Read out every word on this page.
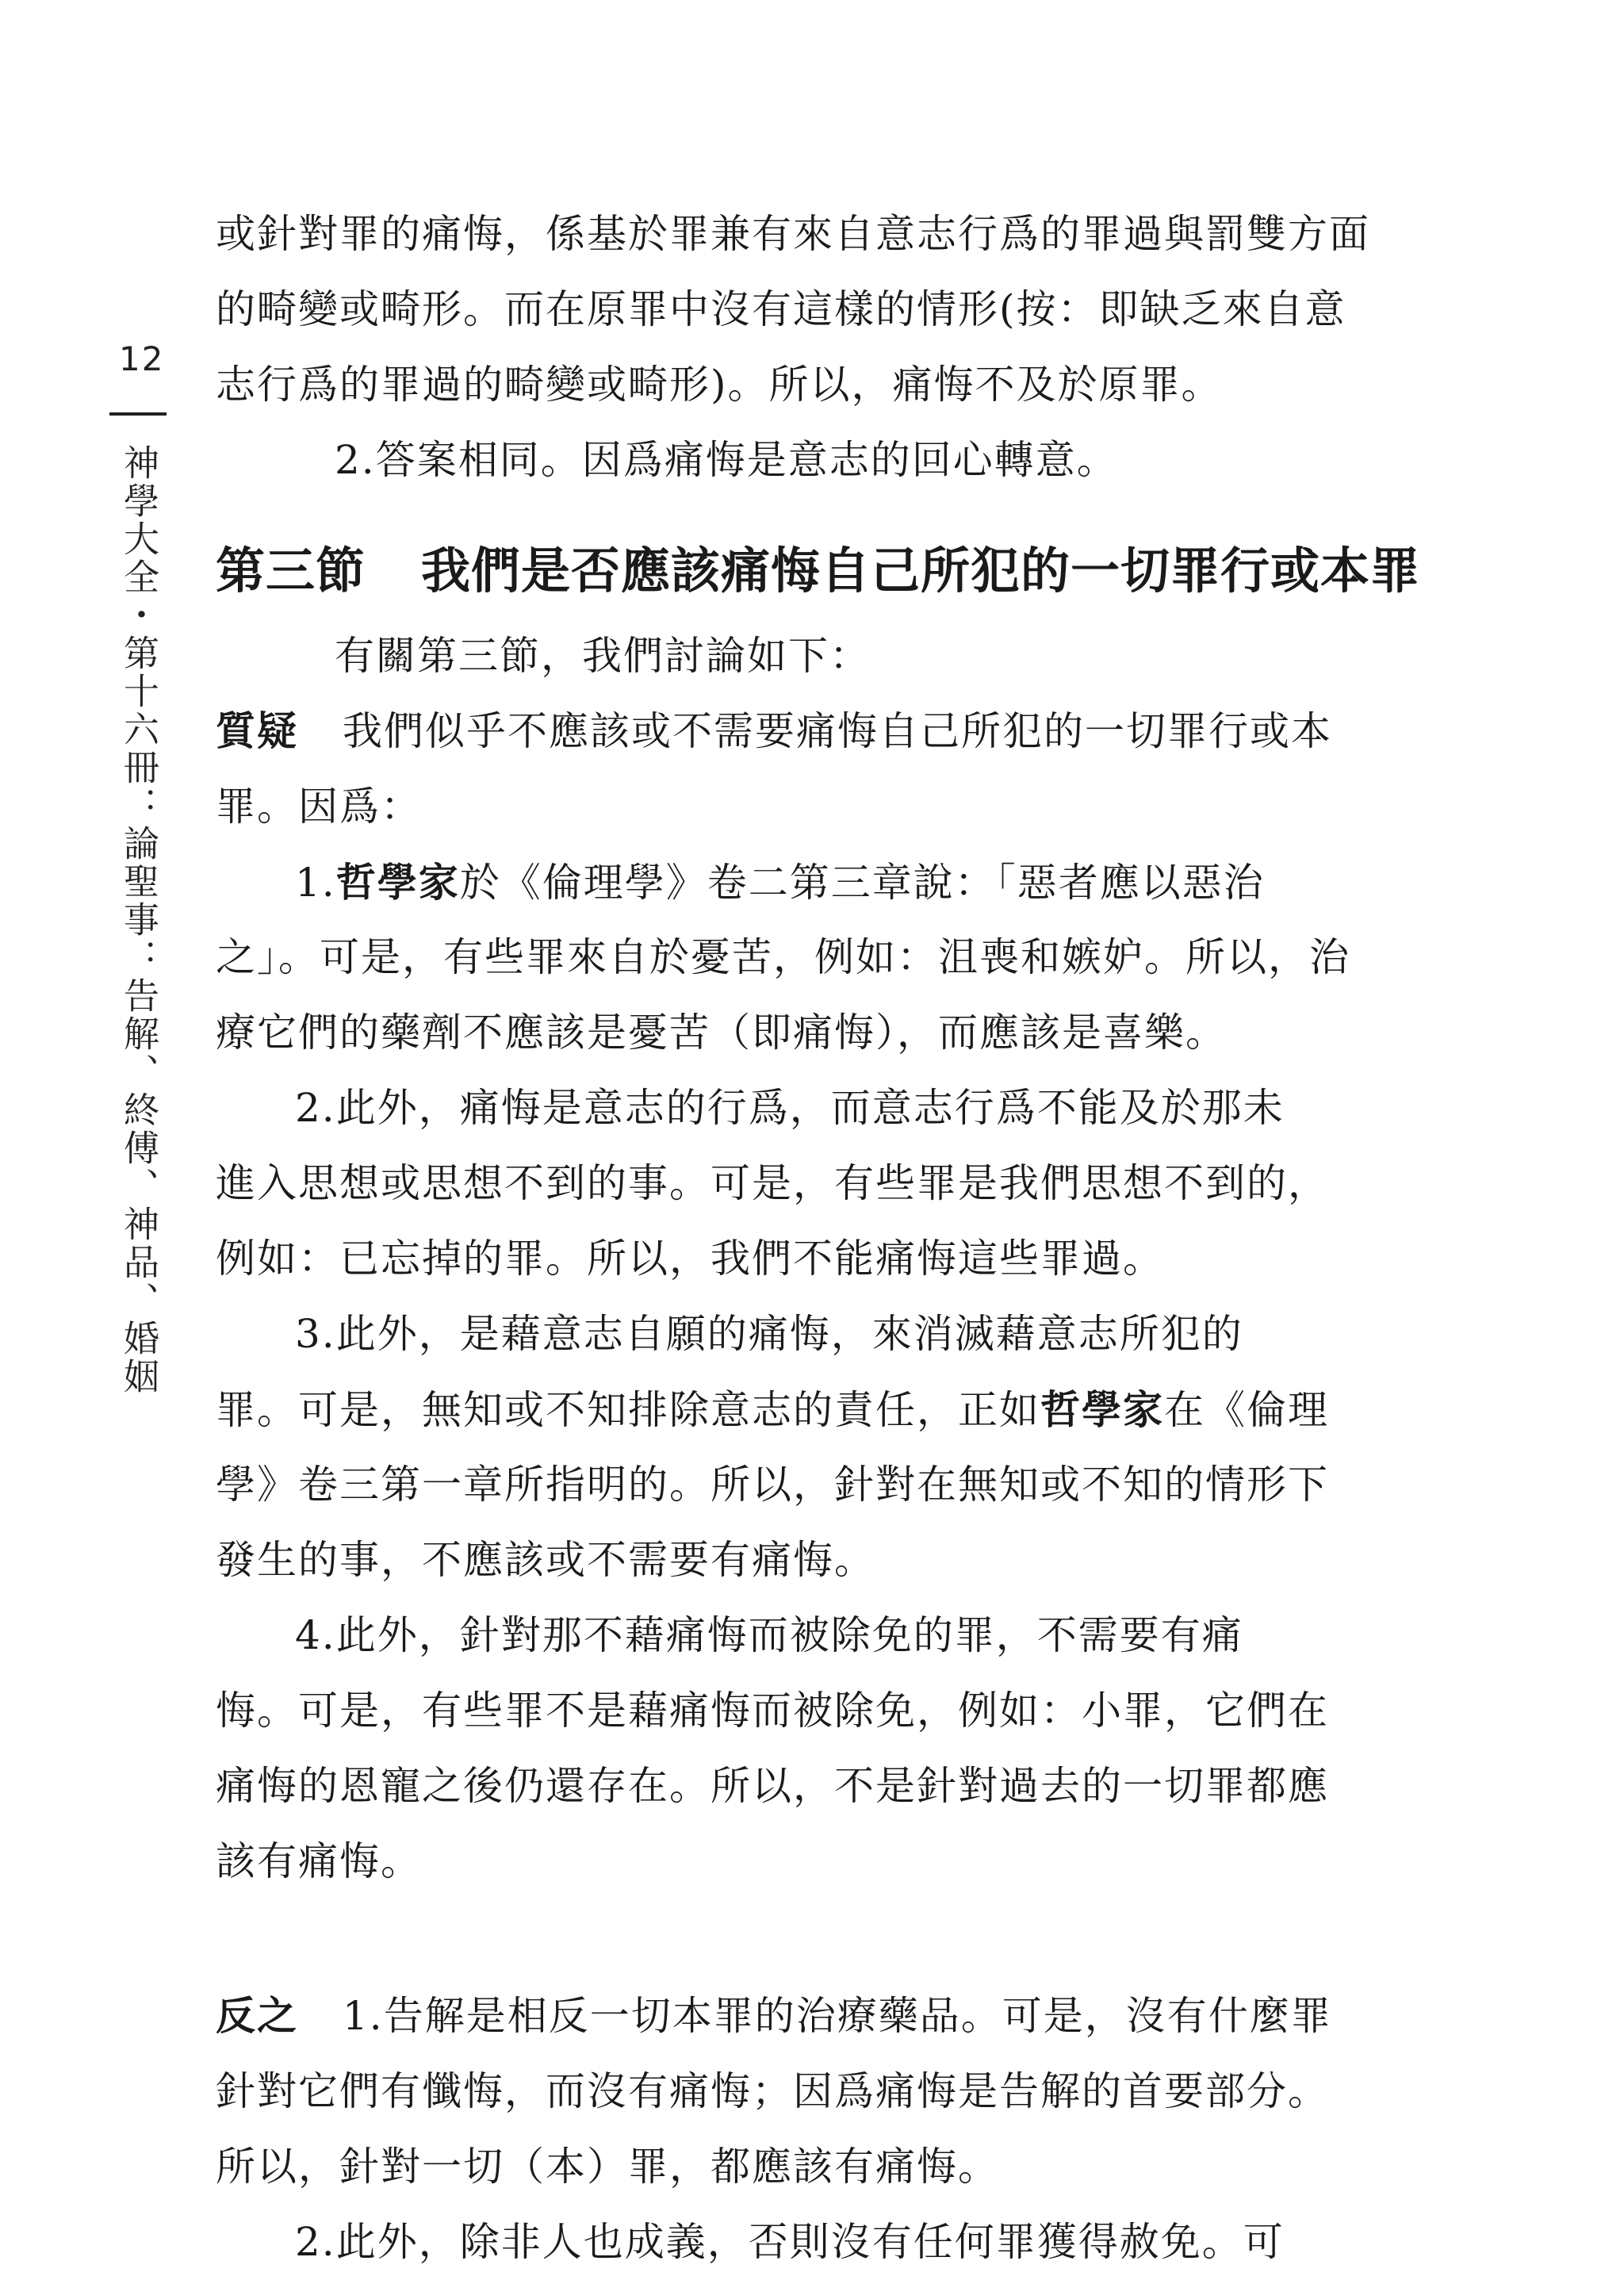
12
神學大全・第十六冊：論聖事：告解、終傅、神品、婚姻
或針對罪的痛悔，係基於罪兼有來自意志行爲的罪過與罰雙方面
的畸變或畸形。而在原罪中沒有這樣的情形(按：即缺乏來自意
志行爲的罪過的畸變或畸形)。所以，痛悔不及於原罪。
2.答案相同。因爲痛悔是意志的回心轉意。
第三節 我們是否應該痛悔自己所犯的一切罪行或本罪
有關第三節，我們討論如下：
質疑 我們似乎不應該或不需要痛悔自己所犯的一切罪行或本
罪。因爲：
1.哲學家於《倫理學》卷二第三章說：「惡者應以惡治
之」。可是，有些罪來自於憂苦，例如：沮喪和嫉妒。所以，治
療它們的藥劑不應該是憂苦（即痛悔），而應該是喜樂。
2.此外，痛悔是意志的行爲，而意志行爲不能及於那未
進入思想或思想不到的事。可是，有些罪是我們思想不到的，
例如：已忘掉的罪。所以，我們不能痛悔這些罪過。
3.此外，是藉意志自願的痛悔，來消滅藉意志所犯的
罪。可是，無知或不知排除意志的責任，正如哲學家在《倫理
學》卷三第一章所指明的。所以，針對在無知或不知的情形下
發生的事，不應該或不需要有痛悔。
4.此外，針對那不藉痛悔而被除免的罪，不需要有痛
悔。可是，有些罪不是藉痛悔而被除免，例如：小罪，它們在
痛悔的恩寵之後仍還存在。所以，不是針對過去的一切罪都應
該有痛悔。
反之 1.告解是相反一切本罪的治療藥品。可是，沒有什麼罪
針對它們有懺悔，而沒有痛悔；因爲痛悔是告解的首要部分。
所以，針對一切（本）罪，都應該有痛悔。
2.此外，除非人也成義，否則沒有任何罪獲得赦免。可
